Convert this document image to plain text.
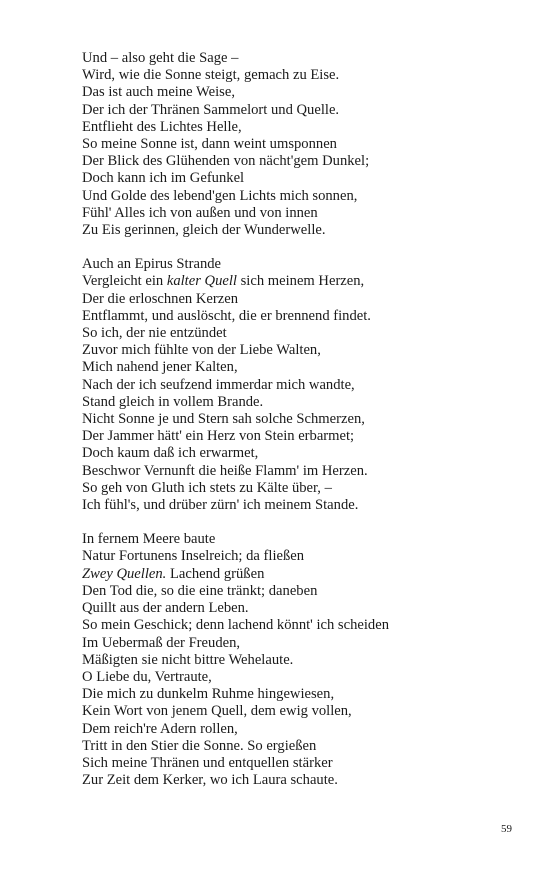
Und – also geht die Sage –
Wird, wie die Sonne steigt, gemach zu Eise.
Das ist auch meine Weise,
Der ich der Thränen Sammelort und Quelle.
Entflieht des Lichtes Helle,
So meine Sonne ist, dann weint umsponnen
Der Blick des Glühenden von nächt'gem Dunkel;
Doch kann ich im Gefunkel
Und Golde des lebend'gen Lichts mich sonnen,
Fühl' Alles ich von außen und von innen
Zu Eis gerinnen, gleich der Wunderwelle.
Auch an Epirus Strande
Vergleicht ein kalter Quell sich meinem Herzen,
Der die erloschnen Kerzen
Entflammt, und auslöscht, die er brennend findet.
So ich, der nie entzündet
Zuvor mich fühlte von der Liebe Walten,
Mich nahend jener Kalten,
Nach der ich seufzend immerdar mich wandte,
Stand gleich in vollem Brande.
Nicht Sonne je und Stern sah solche Schmerzen,
Der Jammer hätt' ein Herz von Stein erbarmet;
Doch kaum daß ich erwarmet,
Beschwor Vernunft die heiße Flamm' im Herzen.
So geh von Gluth ich stets zu Kälte über, –
Ich fühl's, und drüber zürn' ich meinem Stande.
In fernem Meere baute
Natur Fortunens Inselreich; da fließen
Zwey Quellen. Lachend grüßen
Den Tod die, so die eine tränkt; daneben
Quillt aus der andern Leben.
So mein Geschick; denn lachend könnt' ich scheiden
Im Uebermaß der Freuden,
Mäßigten sie nicht bittre Wehelaute.
O Liebe du, Vertraute,
Die mich zu dunkelm Ruhme hingewiesen,
Kein Wort von jenem Quell, dem ewig vollen,
Dem reich're Adern rollen,
Tritt in den Stier die Sonne. So ergießen
Sich meine Thränen und entquellen stärker
Zur Zeit dem Kerker, wo ich Laura schaute.
59
